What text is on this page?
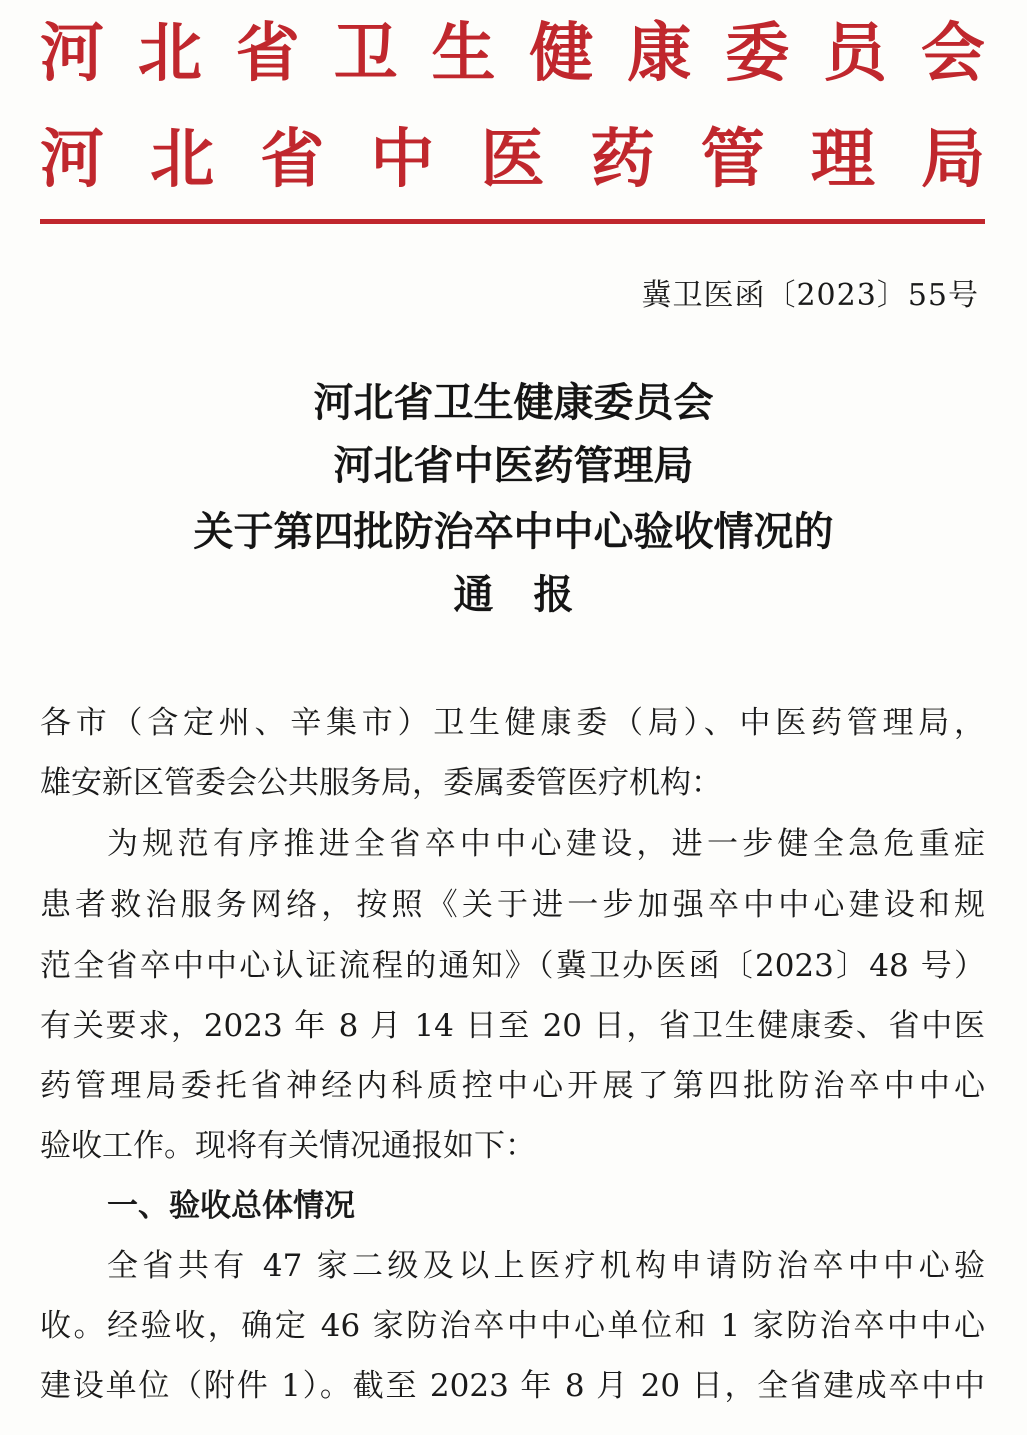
河 北 省 卫 生 健 康 委 员 会
河 北 省 中 医 药 管 理 局
冀卫医函〔2023〕55号
河北省卫生健康委员会
河北省中医药管理局
关于第四批防治卒中中心验收情况的
通报
各市（含定州、辛集市）卫生健康委（局）、中医药管理局，
雄安新区管委会公共服务局，委属委管医疗机构：
为规范有序推进全省卒中中心建设，进一步健全急危重症
患者救治服务网络，按照《关于进一步加强卒中中心建设和规
范全省卒中中心认证流程的通知》（冀卫办医函〔2023〕48 号）
有关要求，2023 年 8 月 14 日至 20 日，省卫生健康委、省中医
药管理局委托省神经内科质控中心开展了第四批防治卒中中心
验收工作。现将有关情况通报如下：
一、验收总体情况
全省共有 47 家二级及以上医疗机构申请防治卒中中心验
收。经验收，确定 46 家防治卒中中心单位和 1 家防治卒中中心
建设单位（附件 1）。截至 2023 年 8 月 20 日，全省建成卒中中
